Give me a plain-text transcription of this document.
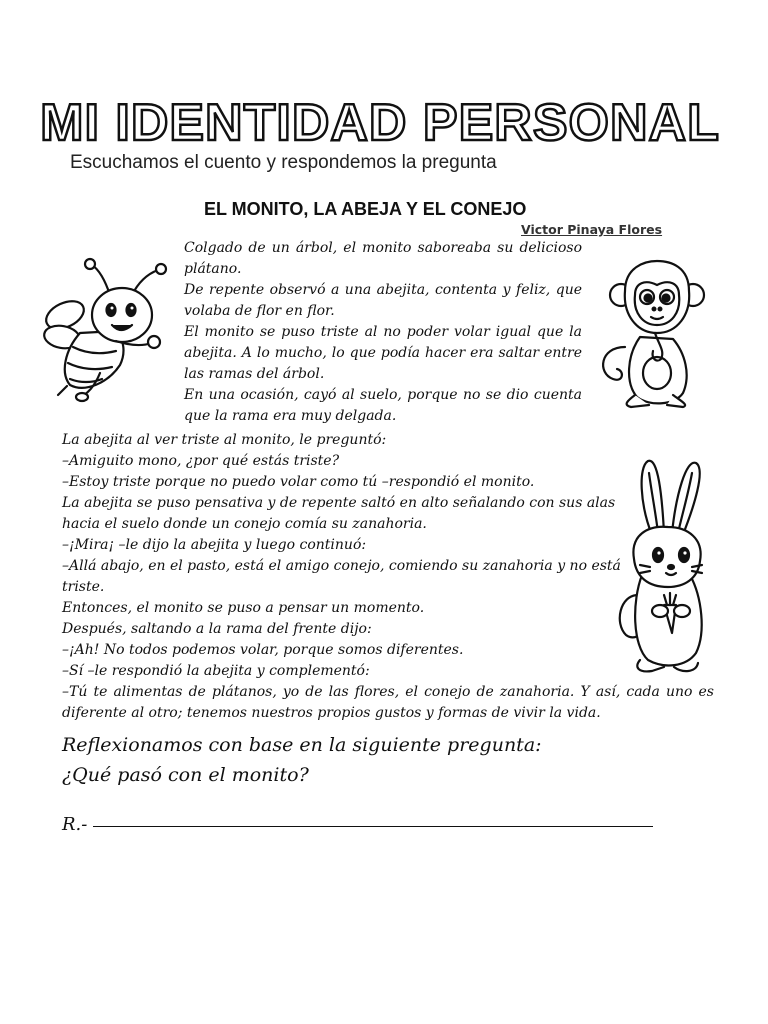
MI IDENTIDAD PERSONAL
Escuchamos el cuento y respondemos la pregunta
EL MONITO, LA ABEJA Y EL CONEJO
Victor Pinaya Flores

Colgado de un árbol, el monito saboreaba su delicioso plátano.

De repente observó a una abejita, contenta y feliz, que volaba de flor en flor.

El monito se puso triste al no poder volar igual que la abejita. A lo mucho, lo que podía hacer era saltar entre las ramas del árbol.

En una ocasión, cayó al suelo, porque no se dio cuenta que la rama era muy delgada.

La abejita al ver triste al monito, le preguntó:

–Amiguito mono, ¿por qué estás triste?

–Estoy triste porque no puedo volar como tú –respondió el monito.

La abejita se puso pensativa y de repente saltó en alto señalando con sus alas hacia el suelo donde un conejo comía su zanahoria.

–¡Mira¡ –le dijo la abejita y luego continuó:

–Allá abajo, en el pasto, está el amigo conejo, comiendo su zanahoria y no está triste.

Entonces, el monito se puso a pensar un momento.

Después, saltando a la rama del frente dijo:

–¡Ah! No todos podemos volar, porque somos diferentes.

–Sí –le respondió la abejita y complementó:

–Tú te alimentas de plátanos, yo de las flores, el conejo de zanahoria. Y así, cada uno es diferente al otro; tenemos nuestros propios gustos y formas de vivir la vida.

Reflexionamos con base en la siguiente pregunta:
¿Qué pasó con el monito?
R.-
